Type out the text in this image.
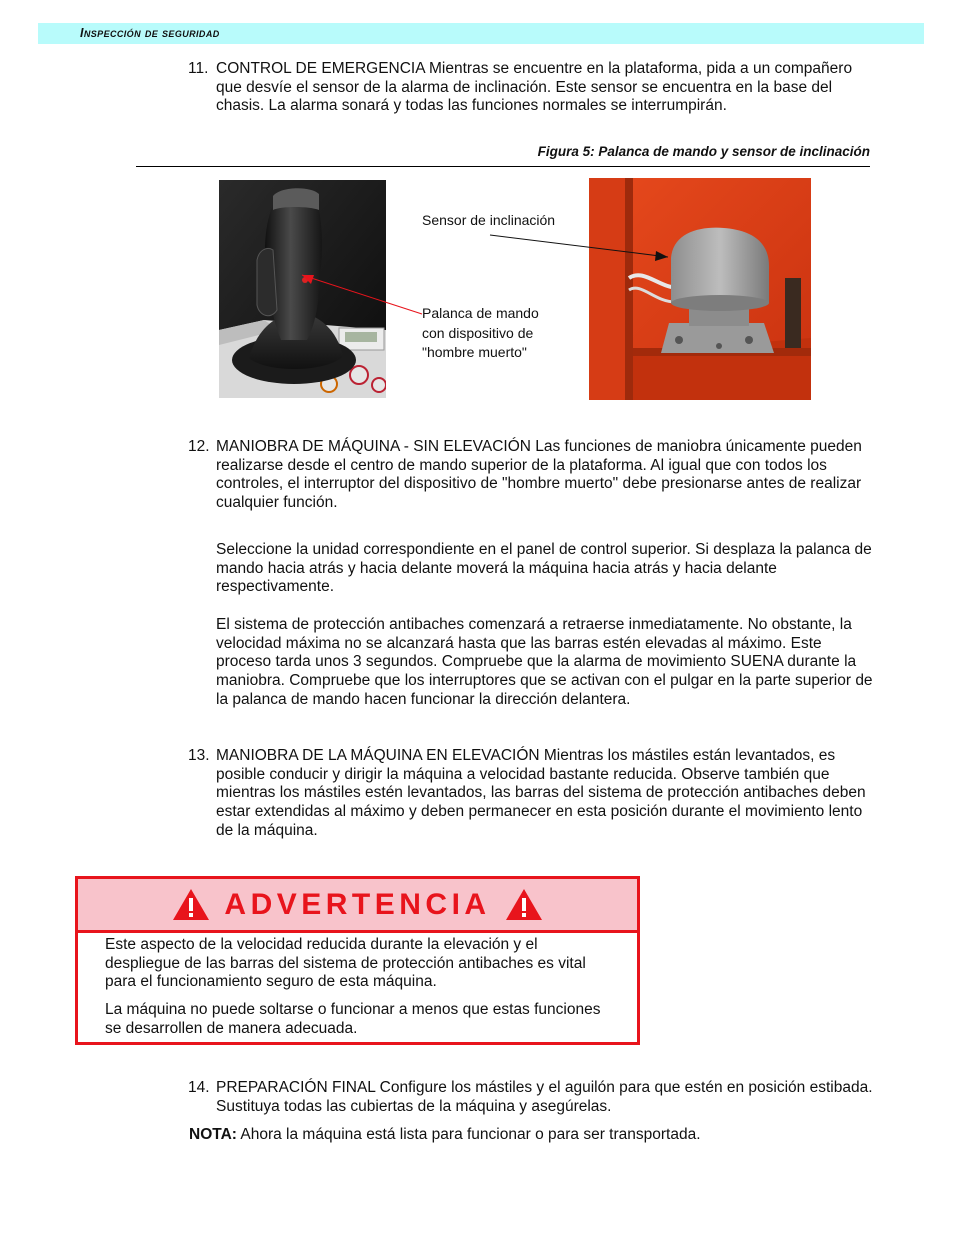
Inspección de seguridad
11. CONTROL DE EMERGENCIA Mientras se encuentre en la plataforma, pida a un compañero que desvíe el sensor de la alarma de inclinación. Este sensor se encuentra en la base del chasis. La alarma sonará y todas las funciones normales se interrumpirán.
Figura 5: Palanca de mando y sensor de inclinación
Sensor de inclinación
Palanca de mando con dispositivo de "hombre muerto"
12. MANIOBRA DE MÁQUINA - SIN ELEVACIÓN Las funciones de maniobra únicamente pueden realizarse desde el centro de mando superior de la plataforma. Al igual que con todos los controles, el interruptor del dispositivo de "hombre muerto" debe presionarse antes de realizar cualquier función.
Seleccione la unidad correspondiente en el panel de control superior. Si desplaza la palanca de mando hacia atrás y hacia delante moverá la máquina hacia atrás y hacia delante respectivamente.
El sistema de protección antibaches comenzará a retraerse inmediatamente. No obstante, la velocidad máxima no se alcanzará hasta que las barras estén elevadas al máximo. Este proceso tarda unos 3 segundos. Compruebe que la alarma de movimiento SUENA durante la maniobra. Compruebe que los interruptores que se activan con el pulgar en la parte superior de la palanca de mando hacen funcionar la dirección delantera.
13. MANIOBRA DE LA MÁQUINA EN ELEVACIÓN Mientras los mástiles están levantados, es posible conducir y dirigir la máquina a velocidad bastante reducida. Observe también que mientras los mástiles estén levantados, las barras del sistema de protección antibaches deben estar extendidas al máximo y deben permanecer en esta posición durante el movimiento lento de la máquina.
ADVERTENCIA

Este aspecto de la velocidad reducida durante la elevación y el despliegue de las barras del sistema de protección antibaches es vital para el funcionamiento seguro de esta máquina.

La máquina no puede soltarse o funcionar a menos que estas funciones se desarrollen de manera adecuada.

14. PREPARACIÓN FINAL Configure los mástiles y el aguilón para que estén en posición estibada. Sustituya todas las cubiertas de la máquina y asegúrelas.
NOTA: Ahora la máquina está lista para funcionar o para ser transportada.
